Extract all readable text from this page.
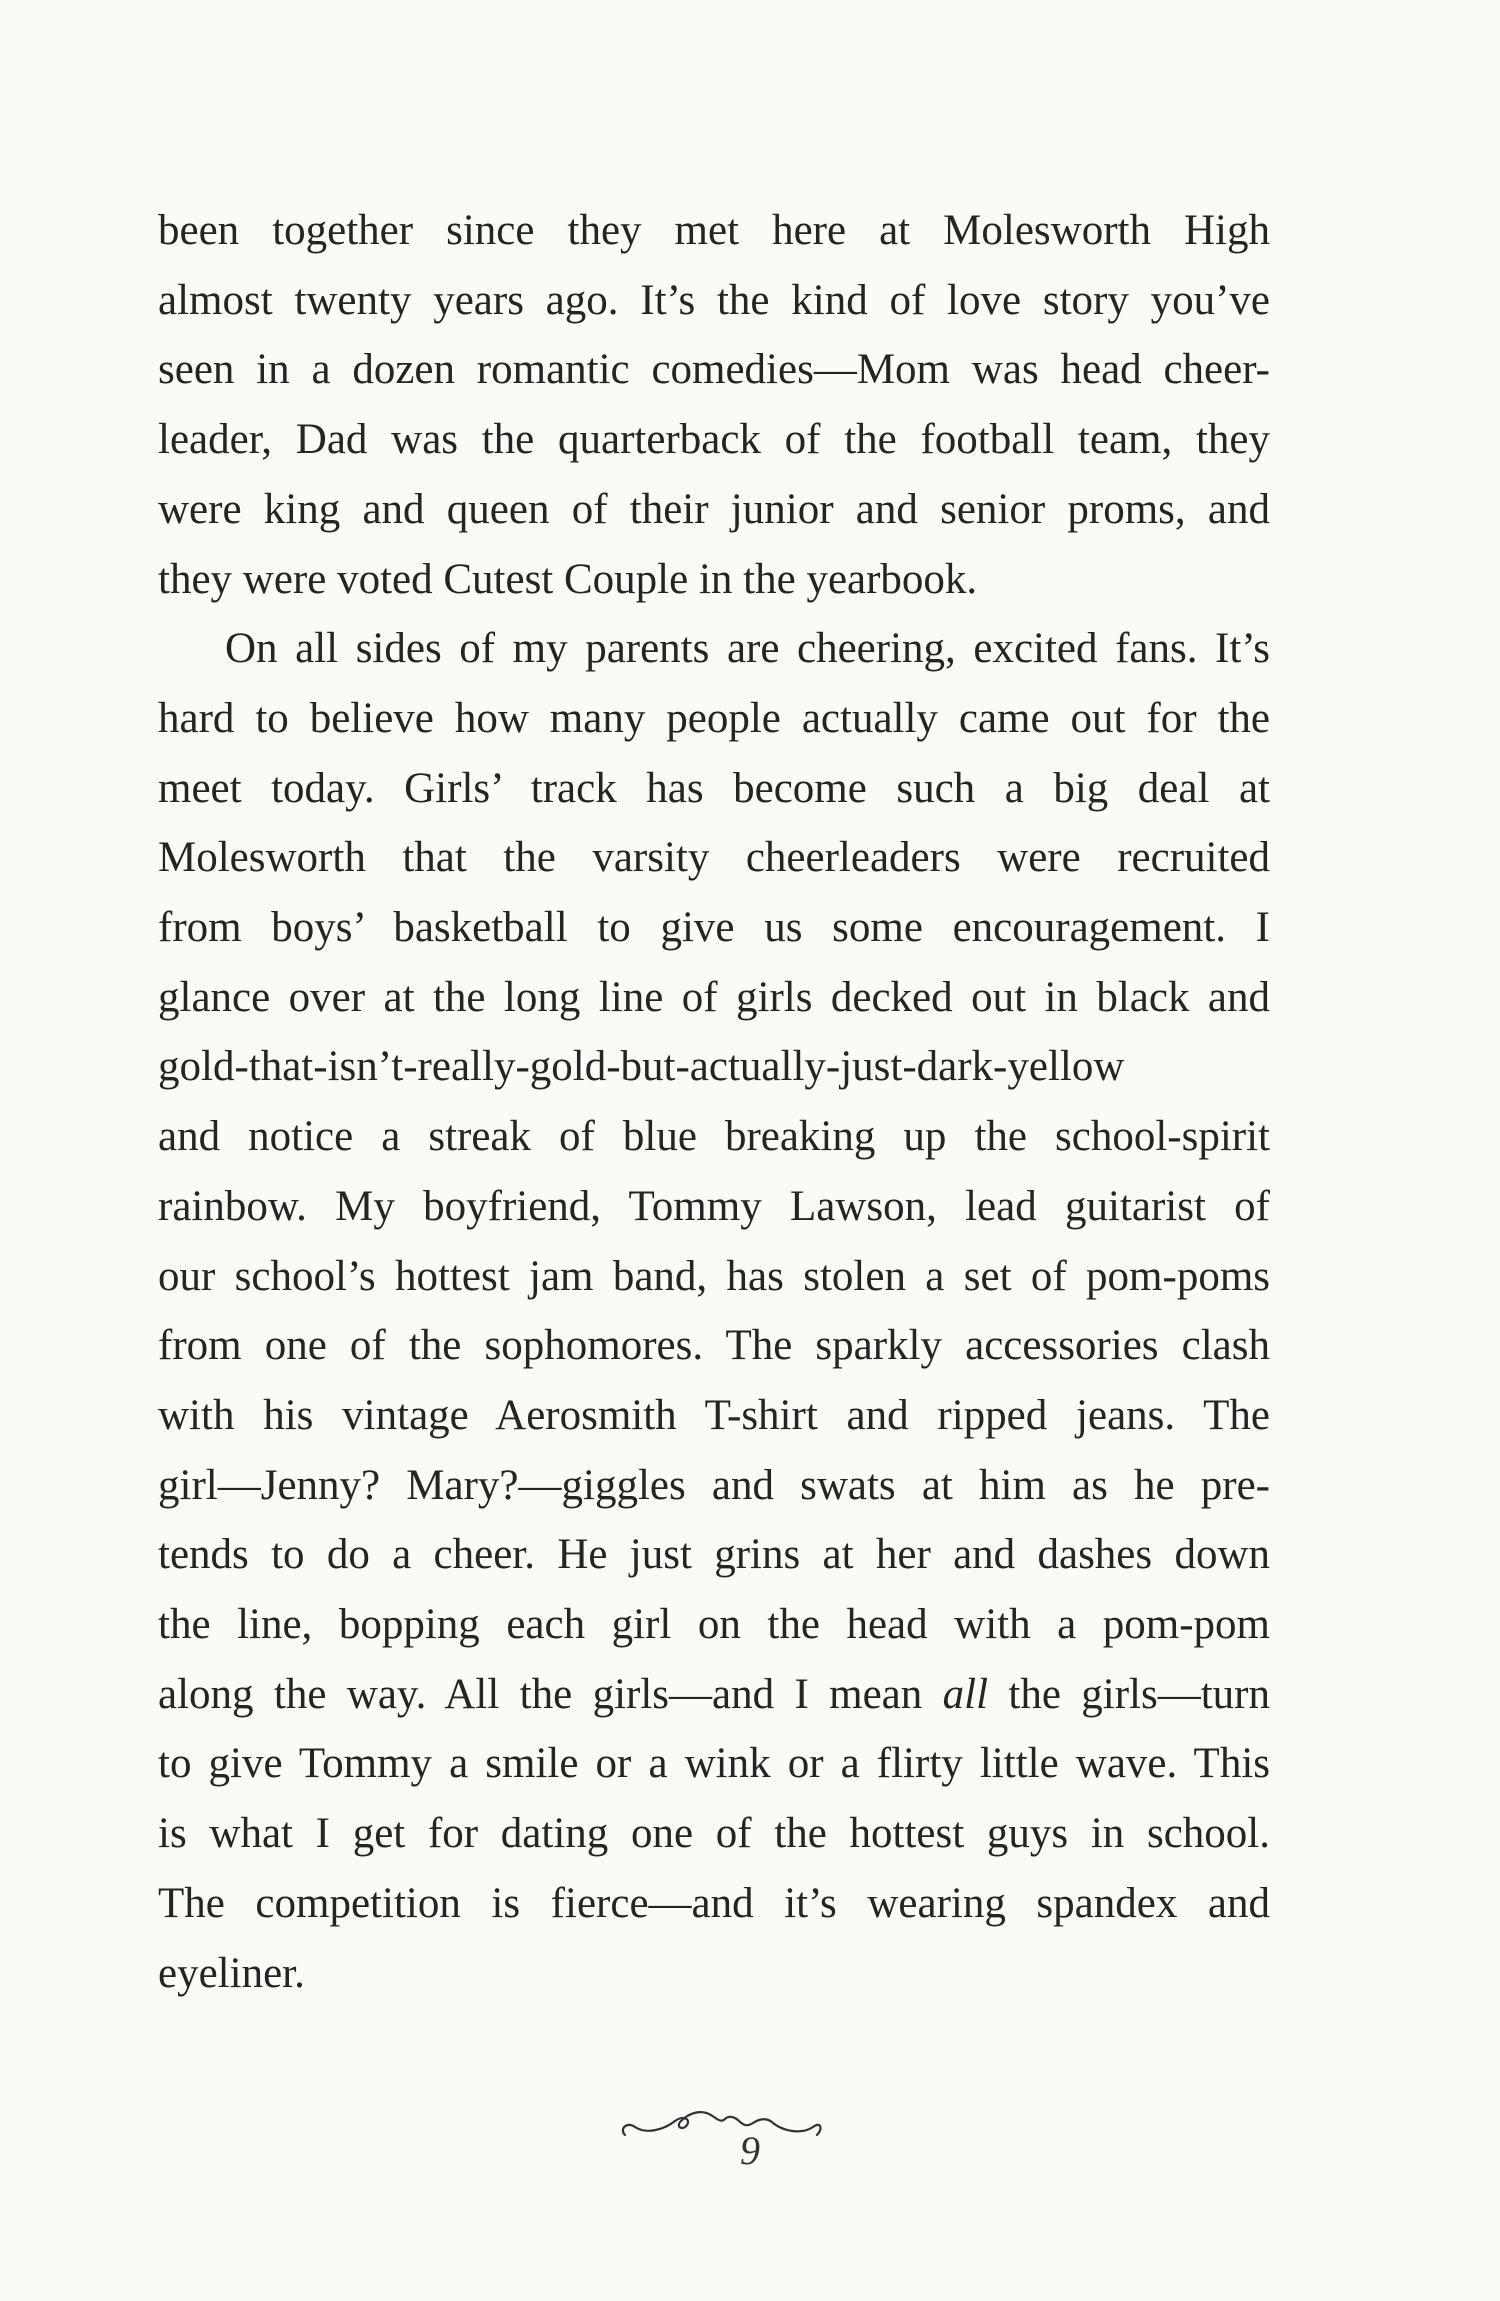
been together since they met here at Molesworth High
almost twenty years ago. It’s the kind of love story you’ve
seen in a dozen romantic comedies—Mom was head cheer-
leader, Dad was the quarterback of the football team, they
were king and queen of their junior and senior proms, and
they were voted Cutest Couple in the yearbook.
On all sides of my parents are cheering, excited fans. It’s
hard to believe how many people actually came out for the
meet today. Girls’ track has become such a big deal at
Molesworth that the varsity cheerleaders were recruited
from boys’ basketball to give us some encouragement. I
glance over at the long line of girls decked out in black and
gold-that-isn’t-really-gold-but-actually-just-dark-yellow
and notice a streak of blue breaking up the school-spirit
rainbow. My boyfriend, Tommy Lawson, lead guitarist of
our school’s hottest jam band, has stolen a set of pom-poms
from one of the sophomores. The sparkly accessories clash
with his vintage Aerosmith T-shirt and ripped jeans. The
girl—Jenny? Mary?—giggles and swats at him as he pre-
tends to do a cheer. He just grins at her and dashes down
the line, bopping each girl on the head with a pom-pom
along the way. All the girls—and I mean all the girls—turn
to give Tommy a smile or a wink or a flirty little wave. This
is what I get for dating one of the hottest guys in school.
The competition is fierce—and it’s wearing spandex and
eyeliner.
9
